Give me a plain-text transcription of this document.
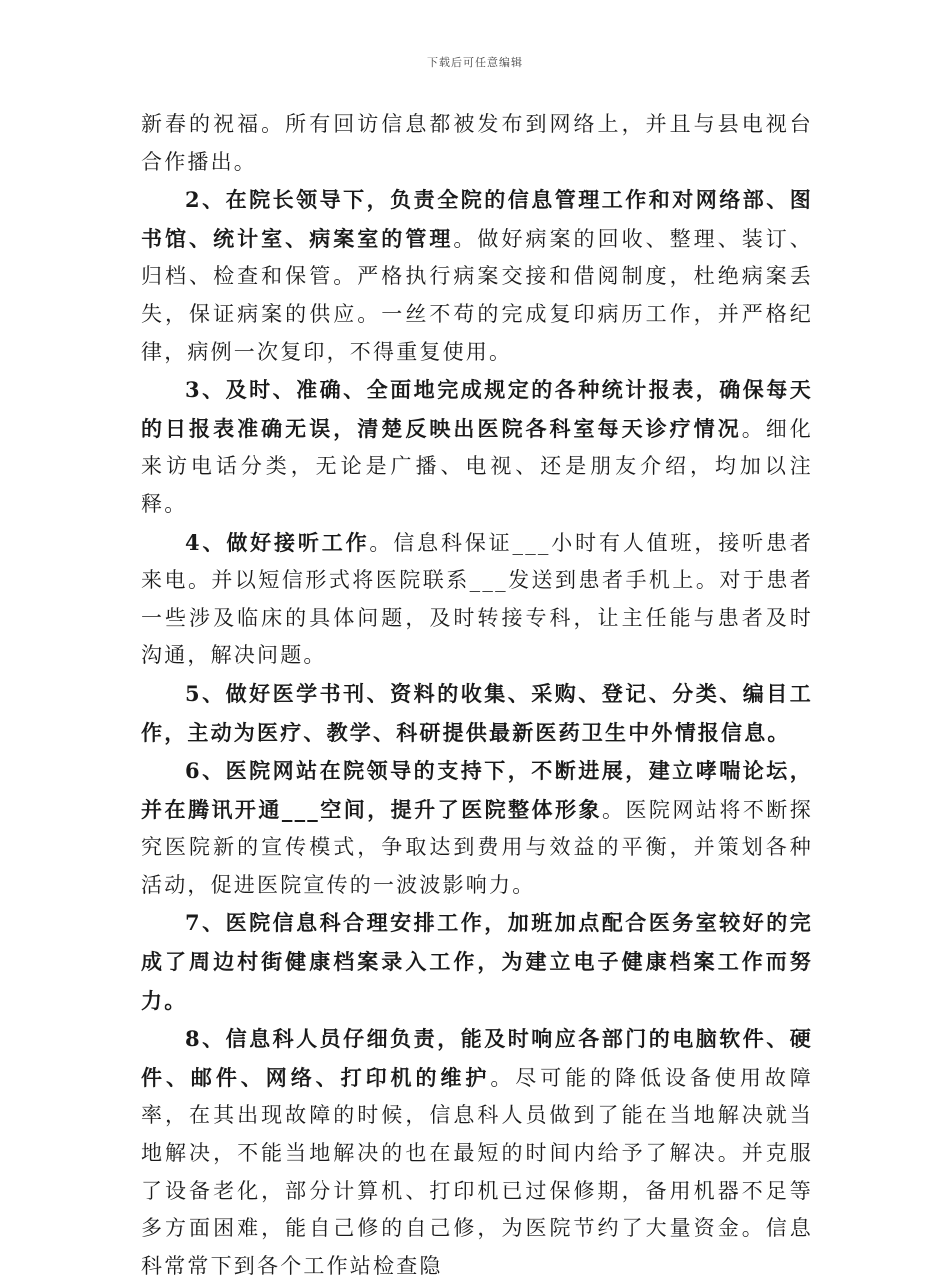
下载后可任意编辑

新春的祝福。所有回访信息都被发布到网络上，并且与县电视台合作播出。

2、在院长领导下，负责全院的信息管理工作和对网络部、图书馆、统计室、病案室的管理。做好病案的回收、整理、装订、归档、检查和保管。严格执行病案交接和借阅制度，杜绝病案丢失，保证病案的供应。一丝不苟的完成复印病历工作，并严格纪律，病例一次复印，不得重复使用。

3、及时、准确、全面地完成规定的各种统计报表，确保每天的日报表准确无误，清楚反映出医院各科室每天诊疗情况。细化来访电话分类，无论是广播、电视、还是朋友介绍，均加以注释。

4、做好接听工作。信息科保证___小时有人值班，接听患者来电。并以短信形式将医院联系___发送到患者手机上。对于患者一些涉及临床的具体问题，及时转接专科，让主任能与患者及时沟通，解决问题。

5、做好医学书刊、资料的收集、采购、登记、分类、编目工作，主动为医疗、教学、科研提供最新医药卫生中外情报信息。

6、医院网站在院领导的支持下，不断进展，建立哮喘论坛，并在腾讯开通___空间，提升了医院整体形象。医院网站将不断探究医院新的宣传模式，争取达到费用与效益的平衡，并策划各种活动，促进医院宣传的一波波影响力。

7、医院信息科合理安排工作，加班加点配合医务室较好的完成了周边村街健康档案录入工作，为建立电子健康档案工作而努力。

8、信息科人员仔细负责，能及时响应各部门的电脑软件、硬件、邮件、网络、打印机的维护。尽可能的降低设备使用故障率，在其出现故障的时候，信息科人员做到了能在当地解决就当地解决，不能当地解决的也在最短的时间内给予了解决。并克服了设备老化，部分计算机、打印机已过保修期，备用机器不足等多方面困难，能自己修的自己修，为医院节约了大量资金。信息科常常下到各个工作站检查隐
